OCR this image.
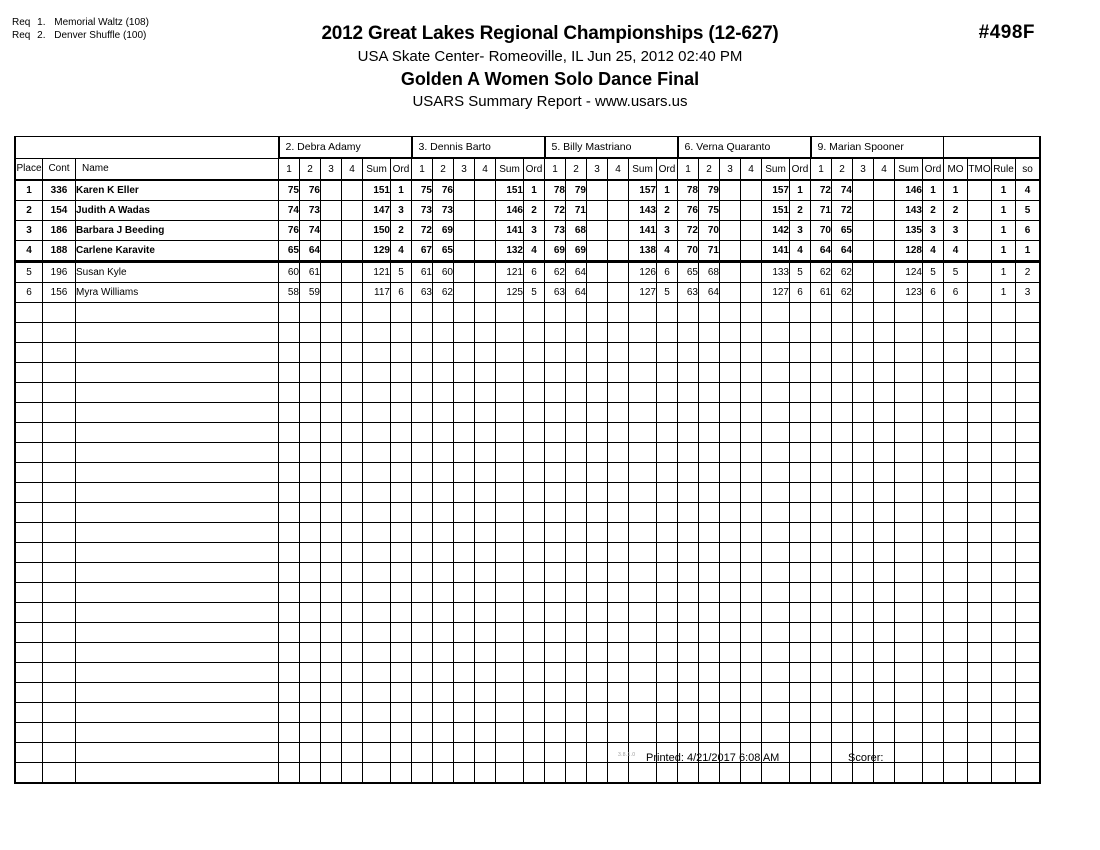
Req 1. Memorial Waltz (108)
Req 2. Denver Shuffle (100)	2012 Great Lakes Regional Championships (12-627)
USA Skate Center- Romeoville, IL Jun 25, 2012 02:40 PM
Golden A Women Solo Dance Final
USARS Summary Report - www.usars.us
#498F
			2. Debra Adamy						3. Dennis Barto						5. Billy Mastriano						6. Verna Quaranto						9. Marian Spooner									
Place	Cont	Name	1	2	3	4	Sum	Ord	1	2	3	4	Sum	Ord	1	2	3	4	Sum	Ord	1	2	3	4	Sum	Ord	1	2	3	4	Sum	Ord	MO	TMO	Rule	so
1	336	Karen K Eller	75	76			151	1	75	76			151	1	78	79			157	1	78	79			157	1	72	74			146	1	1		1	4
2	154	Judith A Wadas	74	73			147	3	73	73			146	2	72	71			143	2	76	75			151	2	71	72			143	2	2		1	5
3	186	Barbara J Beeding	76	74			150	2	72	69			141	3	73	68			141	3	72	70			142	3	70	65			135	3	3		1	6
4	188	Carlene Karavite	65	64			129	4	67	65			132	4	69	69			138	4	70	71			141	4	64	64			128	4	4		1	1
5	196	Susan Kyle	60	61			121	5	61	60			121	6	62	64			126	6	65	68			133	5	62	62			124	5	5		1	2
6	156	Myra Williams	58	59			117	6	63	62			125	5	63	64			127	5	63	64			127	6	61	62			123	6	6		1	3

3.8.1.0 Printed: 4/21/2017 6:08 AM	Scorer:
